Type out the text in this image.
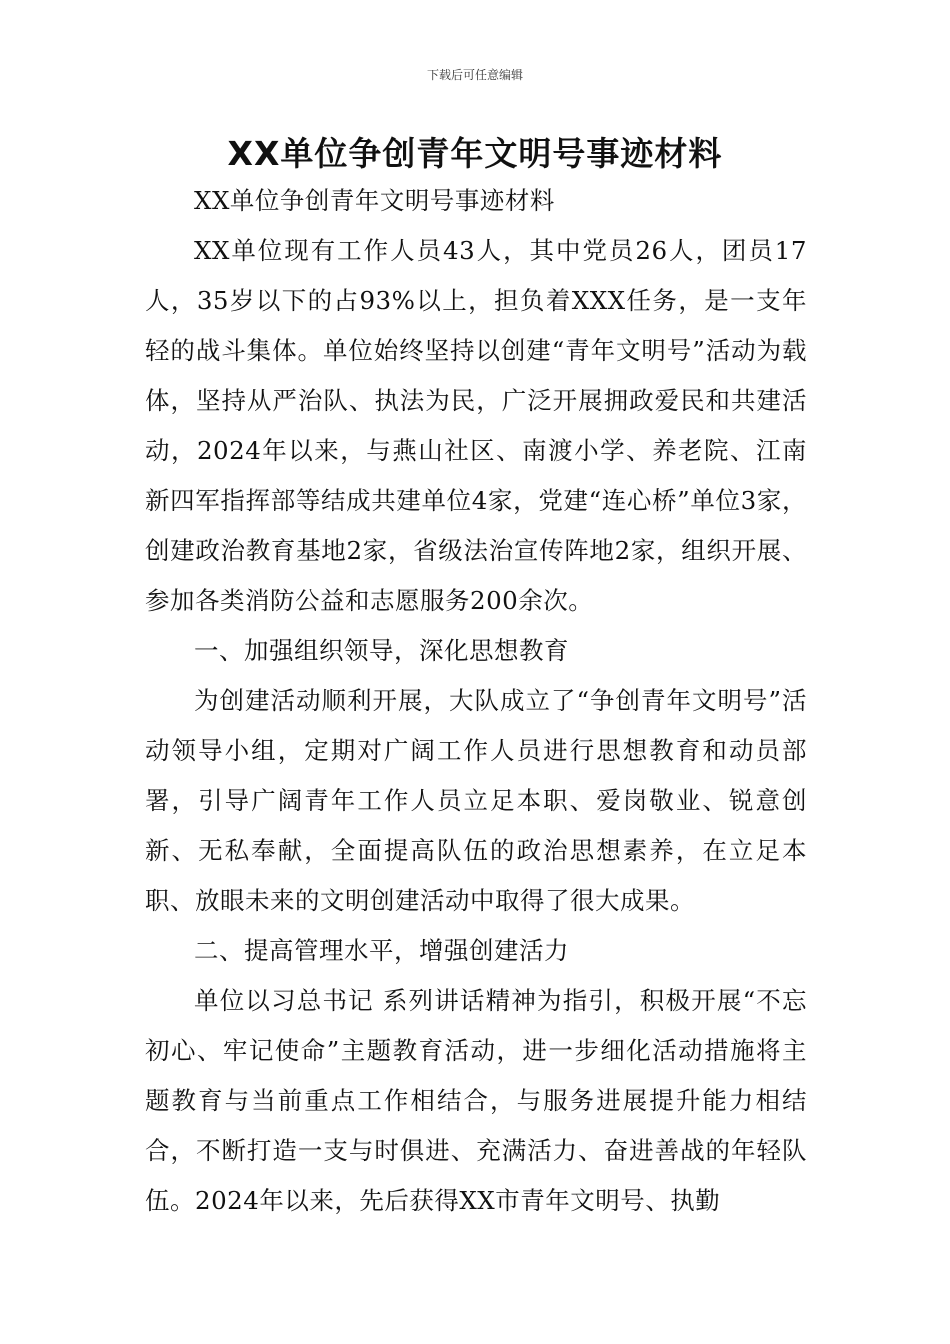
下载后可任意编辑
XX单位争创青年文明号事迹材料

XX单位争创青年文明号事迹材料

XX单位现有工作人员43人，其中党员26人，团员17人，35岁以下的占93%以上，担负着XXX任务，是一支年轻的战斗集体。单位始终坚持以创建“青年文明号”活动为载体，坚持从严治队、执法为民，广泛开展拥政爱民和共建活动，2024年以来，与燕山社区、南渡小学、养老院、江南新四军指挥部等结成共建单位4家，党建“连心桥”单位3家，创建政治教育基地2家，省级法治宣传阵地2家，组织开展、参加各类消防公益和志愿服务200余次。

一、加强组织领导，深化思想教育

为创建活动顺利开展，大队成立了“争创青年文明号”活动领导小组，定期对广阔工作人员进行思想教育和动员部署，引导广阔青年工作人员立足本职、爱岗敬业、锐意创新、无私奉献，全面提高队伍的政治思想素养，在立足本职、放眼未来的文明创建活动中取得了很大成果。

二、提高管理水平，增强创建活力

单位以习总书记 系列讲话精神为指引，积极开展“不忘初心、牢记使命”主题教育活动，进一步细化活动措施将主题教育与当前重点工作相结合，与服务进展提升能力相结合，不断打造一支与时俱进、充满活力、奋进善战的年轻队伍。2024年以来，先后获得XX市青年文明号、执勤
